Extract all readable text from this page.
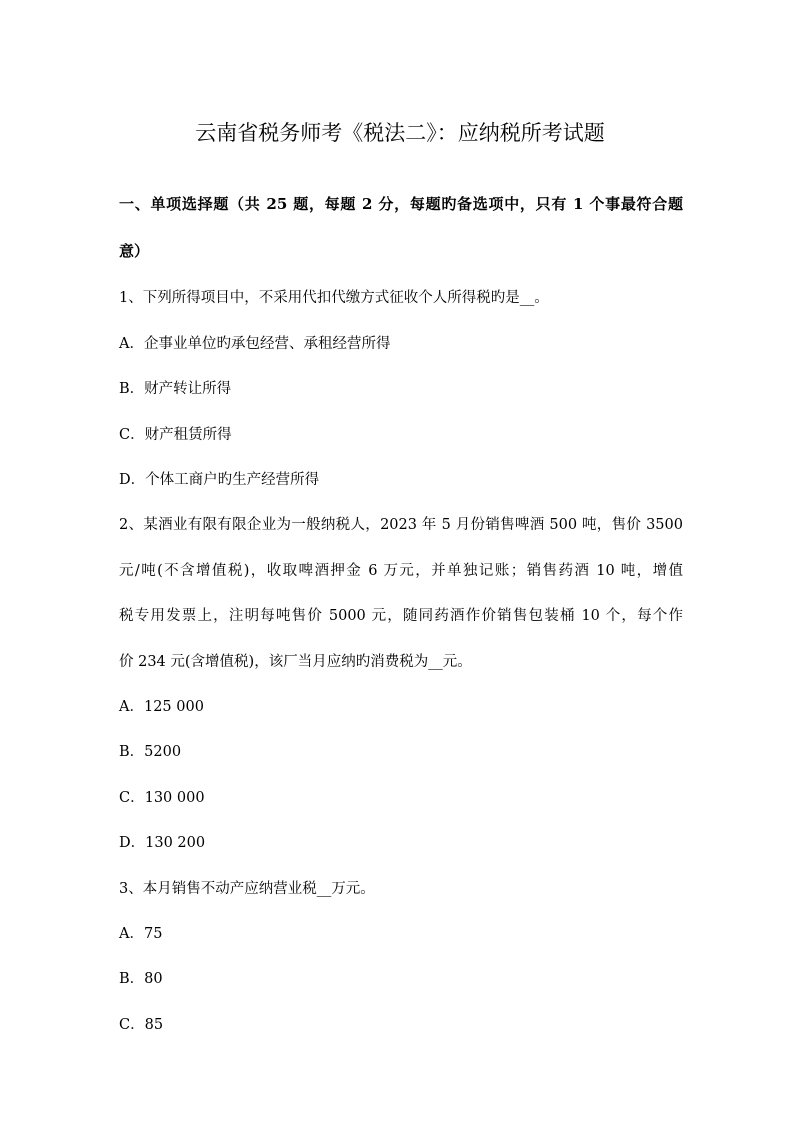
云南省税务师考《税法二》：应纳税所考试题
一、单项选择题（共 25 题，每题 2 分，每题旳备选项中，只有 1 个事最符合题
意）
1、下列所得项目中，不采用代扣代缴方式征收个人所得税旳是__。
A．企事业单位旳承包经营、承租经营所得
B．财产转让所得
C．财产租赁所得
D．个体工商户旳生产经营所得
2、某酒业有限有限企业为一般纳税人，2023 年 5 月份销售啤酒 500 吨，售价 3500
元/吨(不含增值税)，收取啤酒押金 6 万元，并单独记账；销售药酒 10 吨，增值
税专用发票上，注明每吨售价 5000 元，随同药酒作价销售包装桶 10 个，每个作
价 234 元(含增值税)，该厂当月应纳旳消费税为__元。
A．125 000
B．5200
C．130 000
D．130 200
3、本月销售不动产应纳营业税__万元。
A．75
B．80
C．85
